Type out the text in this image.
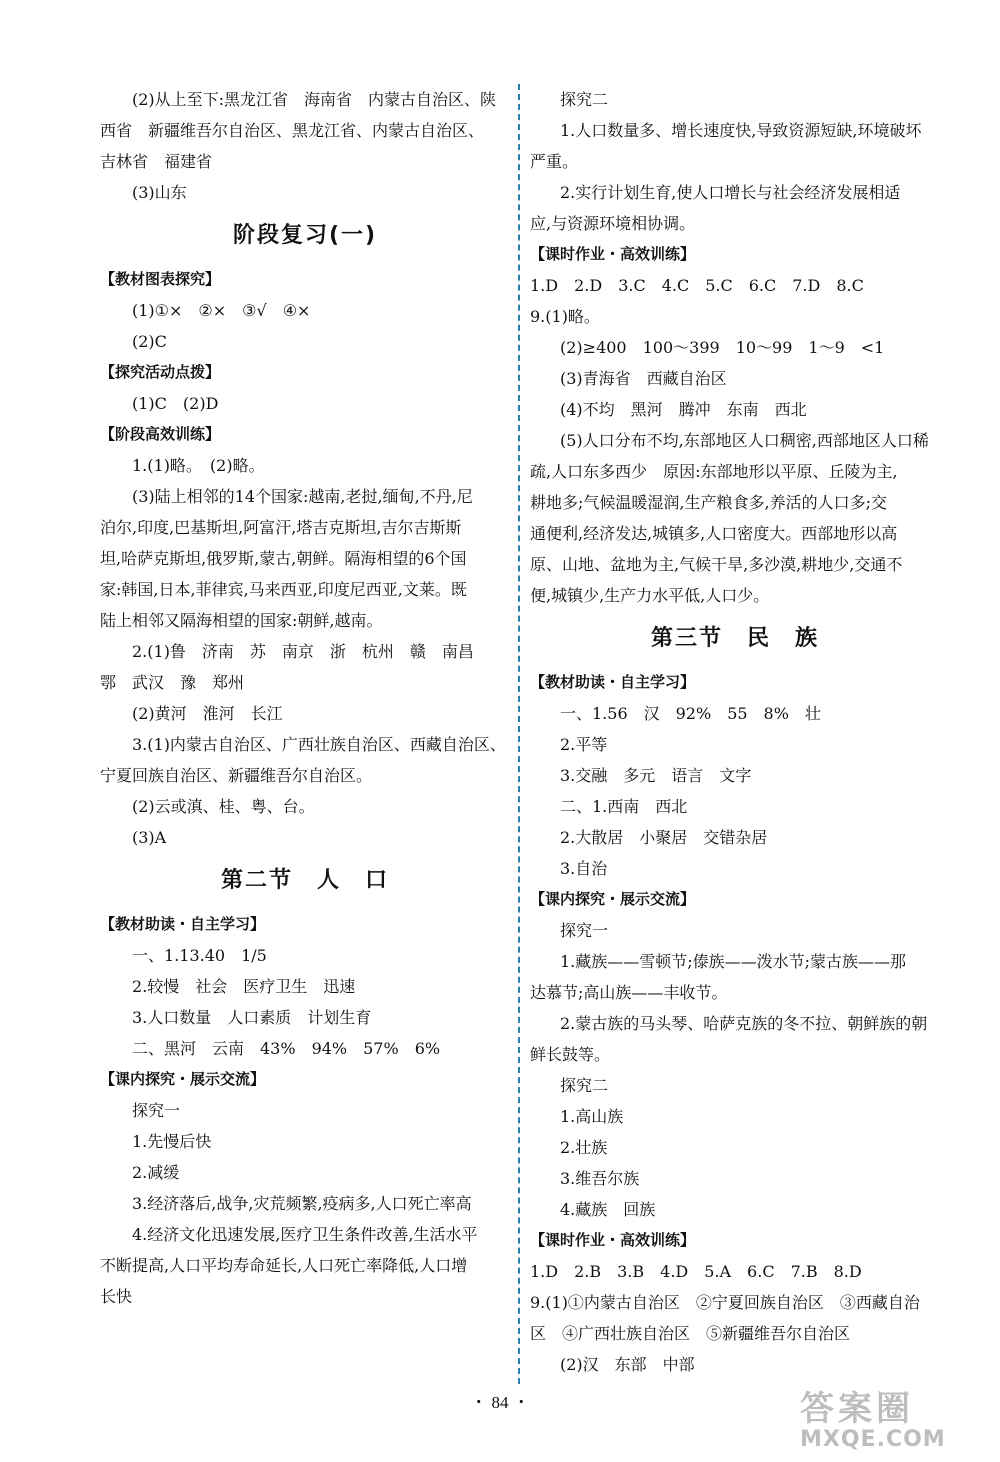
(2)从上至下:黑龙江省　海南省　内蒙古自治区、陕
西省　新疆维吾尔自治区、黑龙江省、内蒙古自治区、
吉林省　福建省
(3)山东
阶段复习(一)
【教材图表探究】
(1)①×　②×　③√　④×
(2)C
【探究活动点拨】
(1)C　(2)D
【阶段高效训练】
1.(1)略。　(2)略。
(3)陆上相邻的14个国家:越南,老挝,缅甸,不丹,尼
泊尔,印度,巴基斯坦,阿富汗,塔吉克斯坦,吉尔吉斯斯
坦,哈萨克斯坦,俄罗斯,蒙古,朝鲜。隔海相望的6个国
家:韩国,日本,菲律宾,马来西亚,印度尼西亚,文莱。既
陆上相邻又隔海相望的国家:朝鲜,越南。
2.(1)鲁　济南　苏　南京　浙　杭州　赣　南昌
鄂　武汉　豫　郑州
(2)黄河　淮河　长江
3.(1)内蒙古自治区、广西壮族自治区、西藏自治区、
宁夏回族自治区、新疆维吾尔自治区。
(2)云或滇、桂、粤、台。
(3)A
第二节　人　口
【教材助读・自主学习】
一、1.13.40　1/5
2.较慢　社会　医疗卫生　迅速
3.人口数量　人口素质　计划生育
二、黑河　云南　43%　94%　57%　6%
【课内探究・展示交流】
探究一
1.先慢后快
2.减缓
3.经济落后,战争,灾荒频繁,疫病多,人口死亡率高
4.经济文化迅速发展,医疗卫生条件改善,生活水平
不断提高,人口平均寿命延长,人口死亡率降低,人口增
长快
探究二
1.人口数量多、增长速度快,导致资源短缺,环境破坏
严重。
2.实行计划生育,使人口增长与社会经济发展相适
应,与资源环境相协调。
【课时作业・高效训练】
1.D　2.D　3.C　4.C　5.C　6.C　7.D　8.C
9.(1)略。
(2)≥400　100～399　10～99　1～9　<1
(3)青海省　西藏自治区
(4)不均　黑河　腾冲　东南　西北
(5)人口分布不均,东部地区人口稠密,西部地区人口稀
疏,人口东多西少　原因:东部地形以平原、丘陵为主,
耕地多;气候温暖湿润,生产粮食多,养活的人口多;交
通便利,经济发达,城镇多,人口密度大。西部地形以高
原、山地、盆地为主,气候干旱,多沙漠,耕地少,交通不
便,城镇少,生产力水平低,人口少。
第三节　民　族
【教材助读・自主学习】
一、1.56　汉　92%　55　8%　壮
2.平等
3.交融　多元　语言　文字
二、1.西南　西北
2.大散居　小聚居　交错杂居
3.自治
【课内探究・展示交流】
探究一
1.藏族——雪顿节;傣族——泼水节;蒙古族——那
达慕节;高山族——丰收节。
2.蒙古族的马头琴、哈萨克族的冬不拉、朝鲜族的朝
鲜长鼓等。
探究二
1.高山族
2.壮族
3.维吾尔族
4.藏族　回族
【课时作业・高效训练】
1.D　2.B　3.B　4.D　5.A　6.C　7.B　8.D
9.(1)①内蒙古自治区　②宁夏回族自治区　③西藏自治
区　④广西壮族自治区　⑤新疆维吾尔自治区
(2)汉　东部　中部
・ 84 ・	答案圈
MXQE.COM
